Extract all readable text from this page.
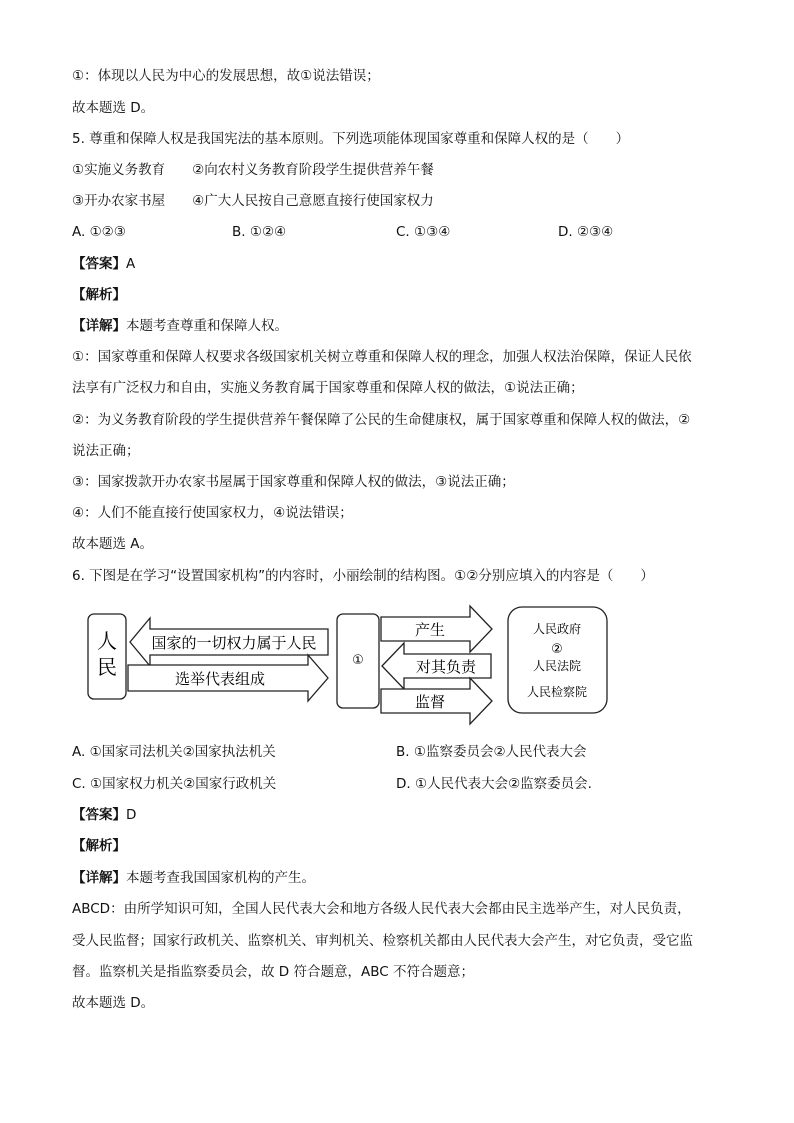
①：体现以人民为中心的发展思想，故①说法错误；
故本题选 D。
5. 尊重和保障人权是我国宪法的基本原则。下列选项能体现国家尊重和保障人权的是（　　）
①实施义务教育　　②向农村义务教育阶段学生提供营养午餐
③开办农家书屋　　④广大人民按自己意愿直接行使国家权力
A. ①②③	B. ①②④	C. ①③④	D. ②③④
【答案】A
【解析】
【详解】本题考查尊重和保障人权。
①：国家尊重和保障人权要求各级国家机关树立尊重和保障人权的理念，加强人权法治保障，保证人民依
法享有广泛权力和自由，实施义务教育属于国家尊重和保障人权的做法，①说法正确；
②：为义务教育阶段的学生提供营养午餐保障了公民的生命健康权，属于国家尊重和保障人权的做法，②
说法正确；
③：国家拨款开办农家书屋属于国家尊重和保障人权的做法，③说法正确；
④：人们不能直接行使国家权力，④说法错误；
故本题选 A。
6. 下图是在学习“设置国家机构”的内容时，小丽绘制的结构图。①②分别应填入的内容是（　　）
人
民
国家的一切权力属于人民
选举代表组成
①
产生
对其负责
监督
人民政府
②
人民法院
人民检察院
A. ①国家司法机关②国家执法机关	B. ①监察委员会②人民代表大会
C. ①国家权力机关②国家行政机关	D. ①人民代表大会②监察委员会.
【答案】D
【解析】
【详解】本题考查我国国家机构的产生。
ABCD：由所学知识可知，全国人民代表大会和地方各级人民代表大会都由民主选举产生，对人民负责，
受人民监督；国家行政机关、监察机关、审判机关、检察机关都由人民代表大会产生，对它负责，受它监
督。监察机关是指监察委员会，故 D 符合题意，ABC 不符合题意；
故本题选 D。
